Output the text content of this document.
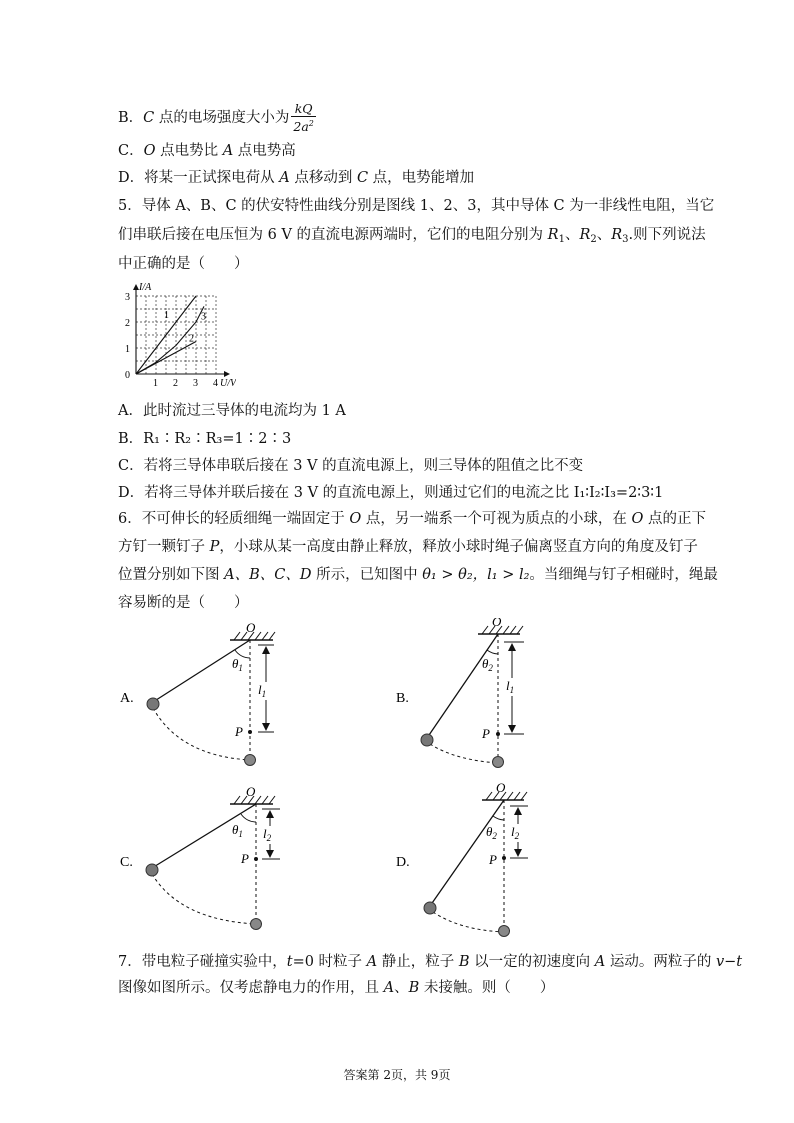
B．C 点的电场强度大小为 $\frac{kQ}{2a^2}$
C．O 点电势比 A 点电势高
D．将某一正试探电荷从 A 点移动到 C 点，电势能增加
5．导体 A、B、C 的伏安特性曲线分别是图线 1、2、3，其中导体 C 为一非线性电阻，当它
们串联后接在电压恒为 6 V 的直流电源两端时，它们的电阻分别为 $R_1$、$R_2$、$R_3$.则下列说法
中正确的是（　　）
1	3
2
1 2 3 4
1
2
3
0
I/A
U/V
A．此时流过三导体的电流均为 1 A
B．R₁∶R₂∶R₃=1∶2∶3
C．若将三导体串联后接在 3 V 的直流电源上，则三导体的阻值之比不变
D．若将三导体并联后接在 3 V 的直流电源上，则通过它们的电流之比 I₁∶I₂∶I₃=2∶3∶1
6．不可伸长的轻质细绳一端固定于 O 点，另一端系一个可视为质点的小球，在 O 点的正下
方钉一颗钉子 P，小球从某一高度由静止释放，释放小球时绳子偏离竖直方向的角度及钉子
位置分别如下图 A、B、C、D 所示，已知图中 θ₁ > θ₂，l₁ > l₂。当细绳与钉子相碰时，绳最
容易断的是（　　）
A.
O
$\theta_1$
P
$l_1$	B.
O
$\theta_2$
P
$l_1$
C.
O
$\theta_1$
P
$l_2$
D.
O
$\theta_2$
P
$l_2$
7．带电粒子碰撞实验中，t=0 时粒子 A 静止，粒子 B 以一定的初速度向 A 运动。两粒子的 v−t
图像如图所示。仅考虑静电力的作用，且 A、B 未接触。则（　　）
答案第 2页，共 9页
